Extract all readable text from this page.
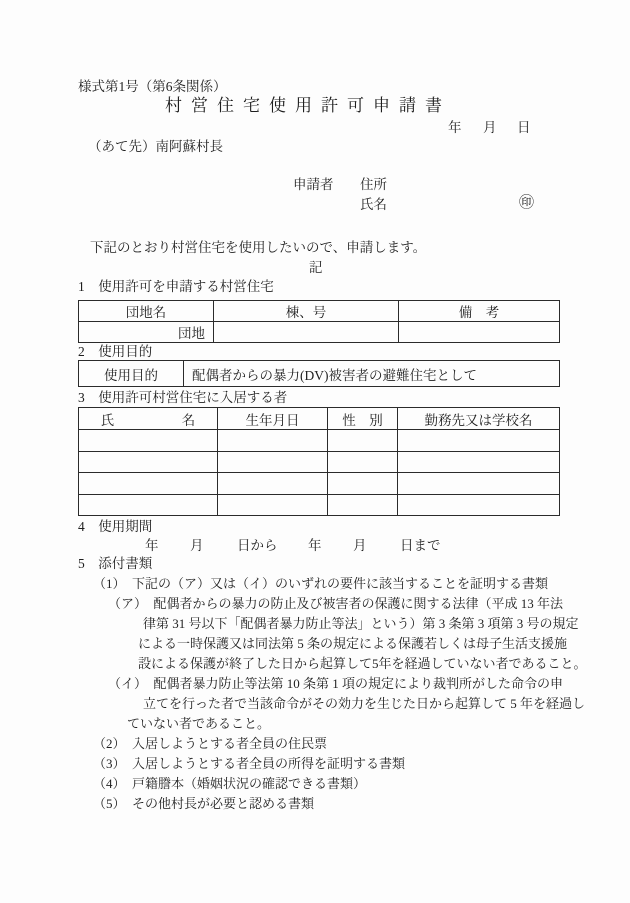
様式第1号（第6条関係）
村営住宅使用許可申請書
年 月 日
（あて先）南阿蘇村長
申請者 住所
氏名	㊞
下記のとおり村営住宅を使用したいので、申請します。
記
1　使用許可を申請する村営住宅
団地名	棟、号	備　考
団地		
2　使用目的
使用目的	配偶者からの暴力(DV)被害者の避難住宅として
3　使用許可村営住宅に入居する者
氏　　　　　名	生年月日	性　別	勤務先又は学校名

4　使用期間
年 月 日から 年 月 日まで
5　添付書類
（1）　下記の（ア）又は（イ）のいずれの要件に該当することを証明する書類
（ア）　配偶者からの暴力の防止及び被害者の保護に関する法律（平成 13 年法
律第 31 号以下「配偶者暴力防止等法」という）第 3 条第 3 項第 3 号の規定
による一時保護又は同法第 5 条の規定による保護若しくは母子生活支援施
設による保護が終了した日から起算して5年を経過していない者であること。
（イ）　配偶者暴力防止等法第 10 条第 1 項の規定により裁判所がした命令の申
立てを行った者で当該命令がその効力を生じた日から起算して 5 年を経過し
ていない者であること。
（2）　入居しようとする者全員の住民票
（3）　入居しようとする者全員の所得を証明する書類
（4）　戸籍謄本（婚姻状況の確認できる書類）
（5）　その他村長が必要と認める書類
